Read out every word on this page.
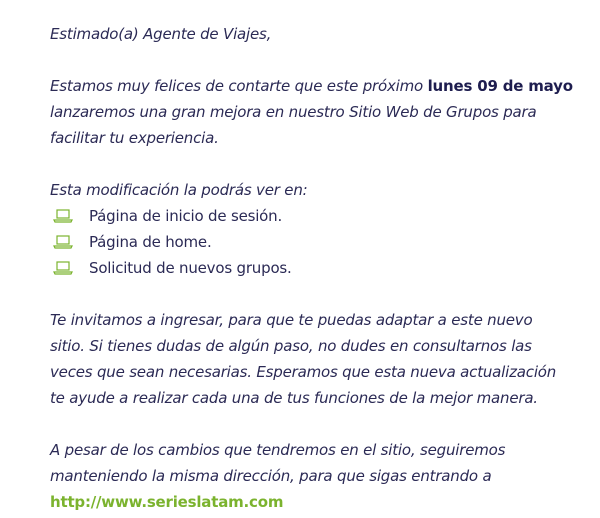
Estimado(a) Agente de Viajes,
Estamos muy felices de contarte que este próximo lunes 09 de mayo
lanzaremos una gran mejora en nuestro Sitio Web de Grupos para
facilitar tu experiencia.
Esta modificación la podrás ver en:
Página de inicio de sesión.
Página de home.
Solicitud de nuevos grupos.
Te invitamos a ingresar, para que te puedas adaptar a este nuevo
sitio. Si tienes dudas de algún paso, no dudes en consultarnos las
veces que sean necesarias. Esperamos que esta nueva actualización
te ayude a realizar cada una de tus funciones de la mejor manera.
A pesar de los cambios que tendremos en el sitio, seguiremos
manteniendo la misma dirección, para que sigas entrando a
http://www.serieslatam.com
